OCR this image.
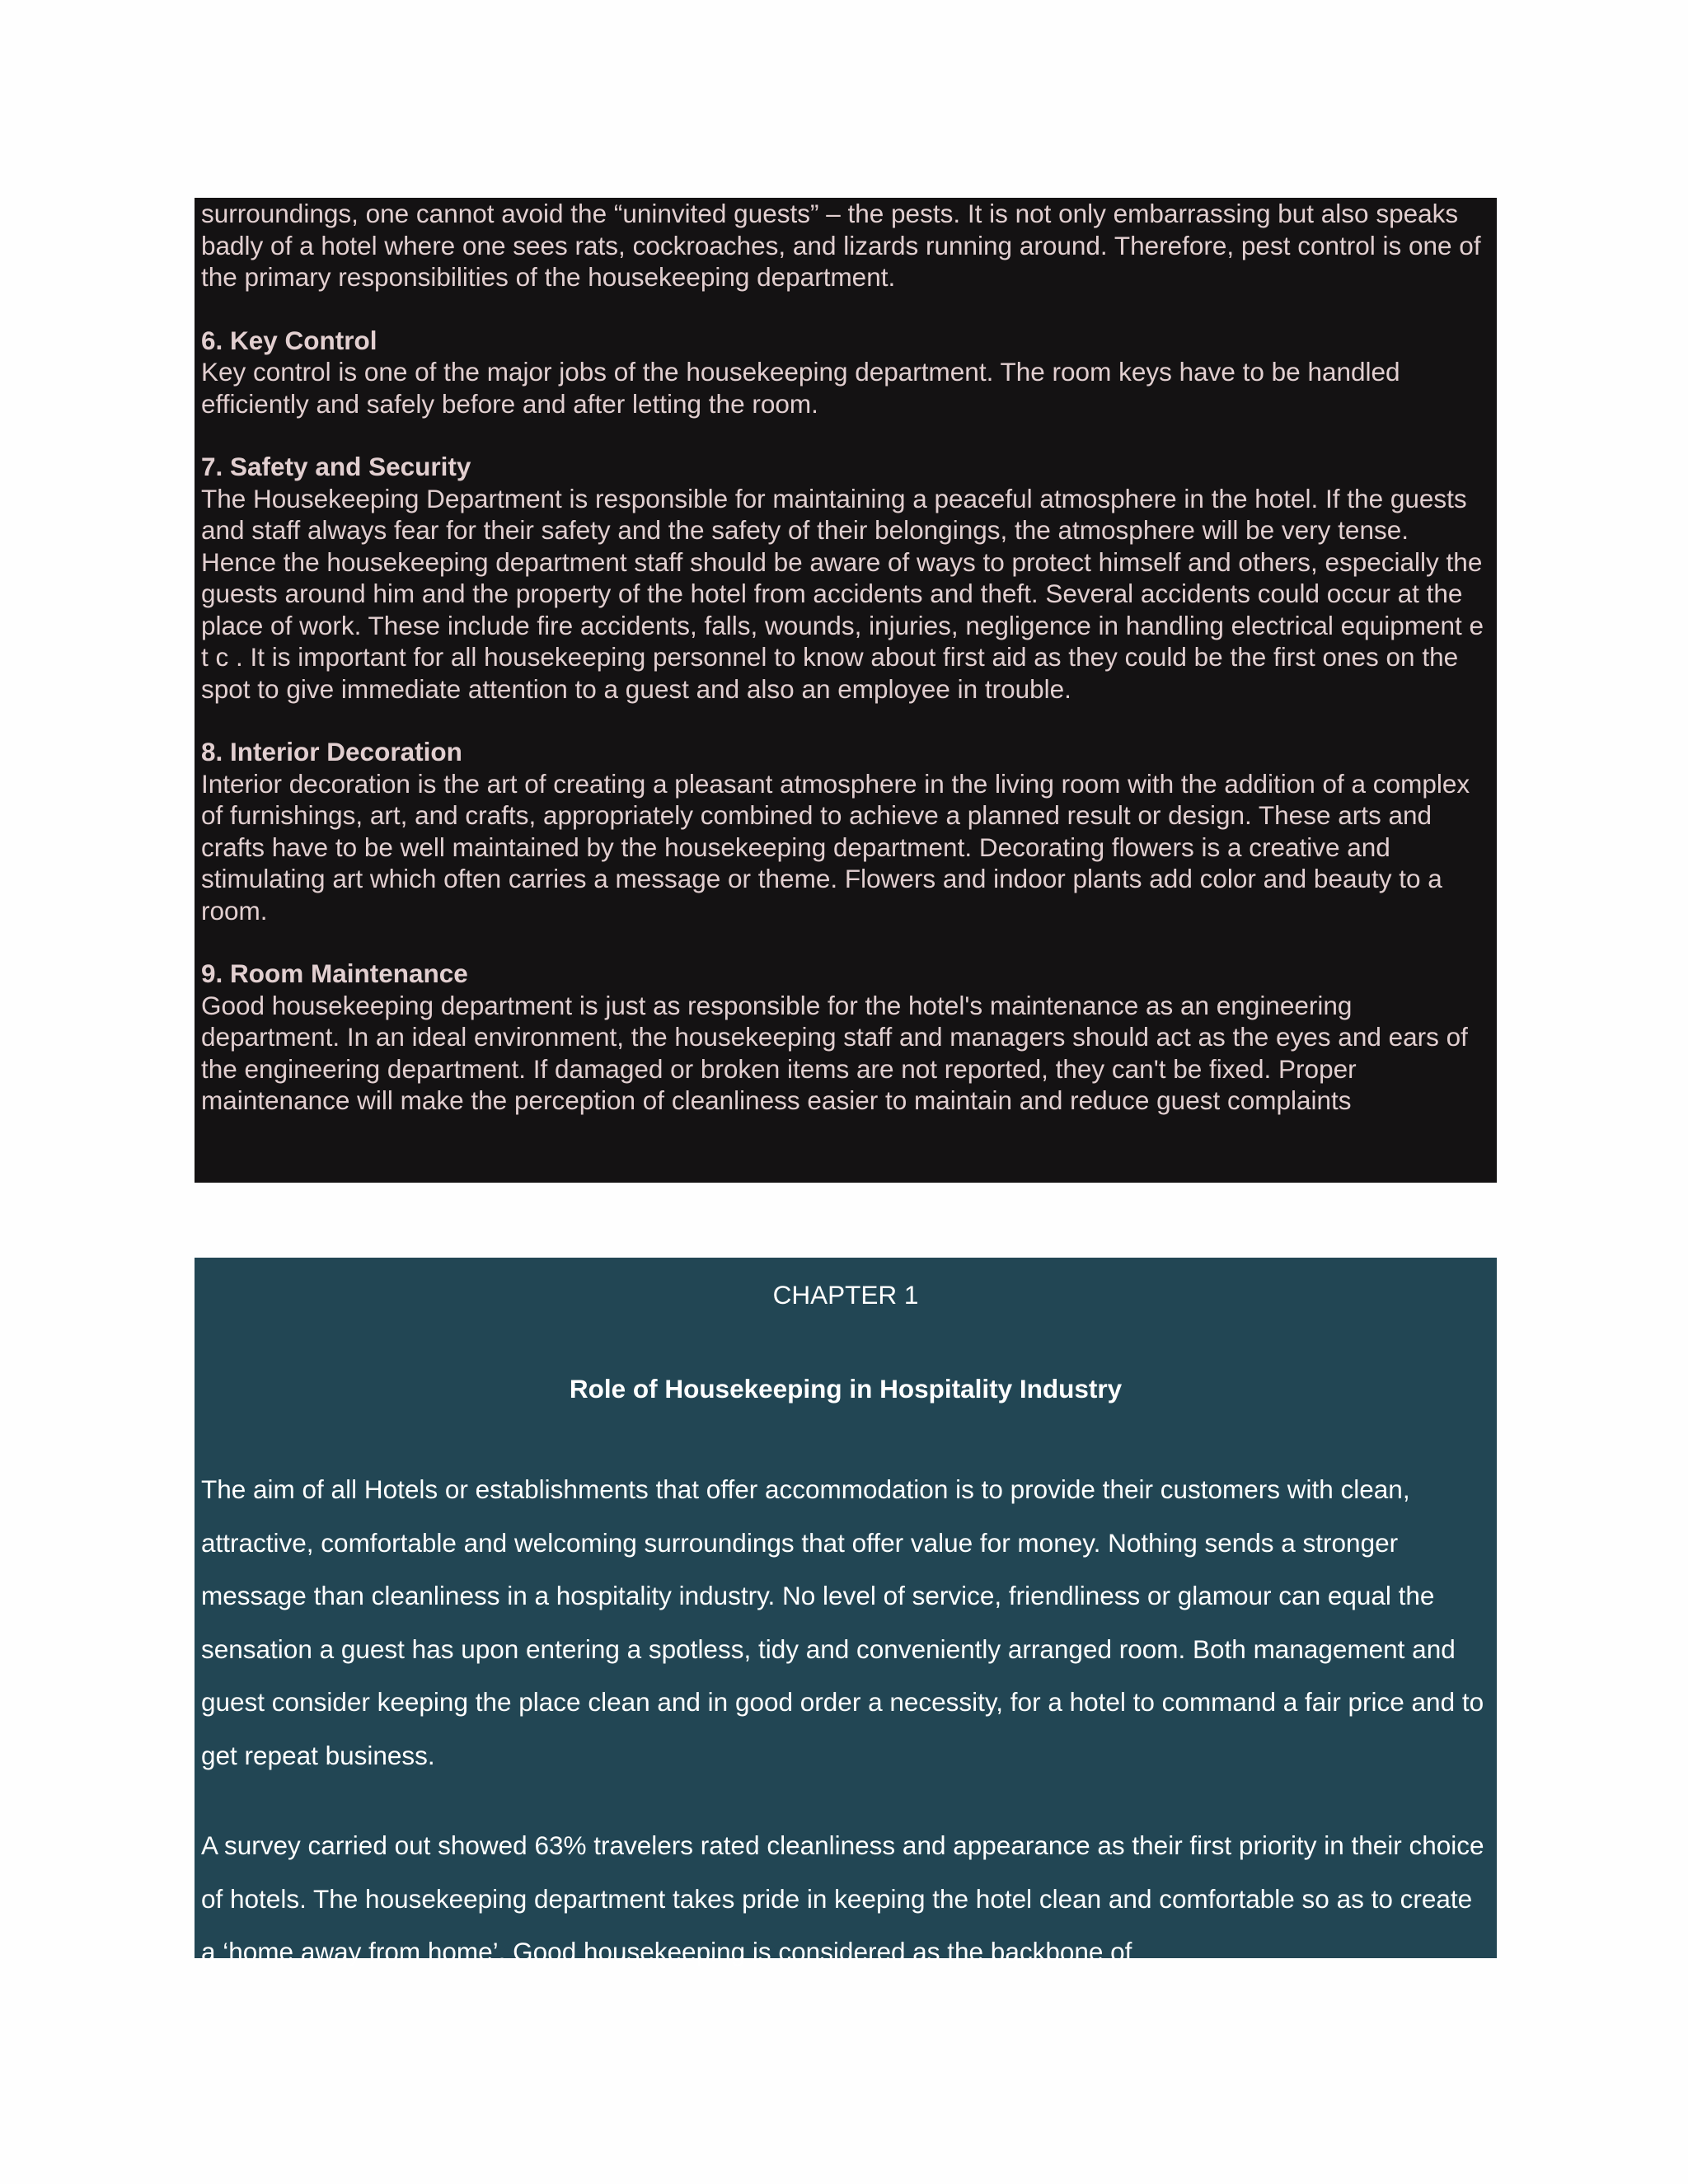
surroundings, one cannot avoid the “uninvited guests” – the pests. It is not only embarrassing but also speaks badly of a hotel where one sees rats, cockroaches, and lizards running around. Therefore, pest control is one of the primary responsibilities of the housekeeping department.

6. Key Control

Key control is one of the major jobs of the housekeeping department. The room keys have to be handled efficiently and safely before and after letting the room.

7. Safety and Security

The Housekeeping Department is responsible for maintaining a peaceful atmosphere in the hotel. If the guests and staff always fear for their safety and the safety of their belongings, the atmosphere will be very tense. Hence the housekeeping department staff should be aware of ways to protect himself and others, especially the guests around him and the property of the hotel from accidents and theft. Several accidents could occur at the place of work. These include fire accidents, falls, wounds, injuries, negligence in handling electrical equipment e t c . It is important for all housekeeping personnel to know about first aid as they could be the first ones on the spot to give immediate attention to a guest and also an employee in trouble.

8. Interior Decoration

Interior decoration is the art of creating a pleasant atmosphere in the living room with the addition of a complex of furnishings, art, and crafts, appropriately combined to achieve a planned result or design. These arts and crafts have to be well maintained by the housekeeping department. Decorating flowers is a creative and stimulating art which often carries a message or theme. Flowers and indoor plants add color and beauty to a room.

9. Room Maintenance

Good housekeeping department is just as responsible for the hotel's maintenance as an engineering department. In an ideal environment, the housekeeping staff and managers should act as the eyes and ears of the engineering department. If damaged or broken items are not reported, they can't be fixed. Proper maintenance will make the perception of cleanliness easier to maintain and reduce guest complaints

CHAPTER 1
Role of Housekeeping in Hospitality Industry

The aim of all Hotels or establishments that offer accommodation is to provide their customers with clean, attractive, comfortable and welcoming surroundings that offer value for money. Nothing sends a stronger message than cleanliness in a hospitality industry. No level of service, friendliness or glamour can equal the sensation a guest has upon entering a spotless, tidy and conveniently arranged room. Both management and guest consider keeping the place clean and in good order a necessity, for a hotel to command a fair price and to get repeat business.

A survey carried out showed 63% travelers rated cleanliness and appearance as their first priority in their choice of hotels. The housekeeping department takes pride in keeping the hotel clean and comfortable so as to create a ‘home away from home’. Good housekeeping is considered as the backbone of
